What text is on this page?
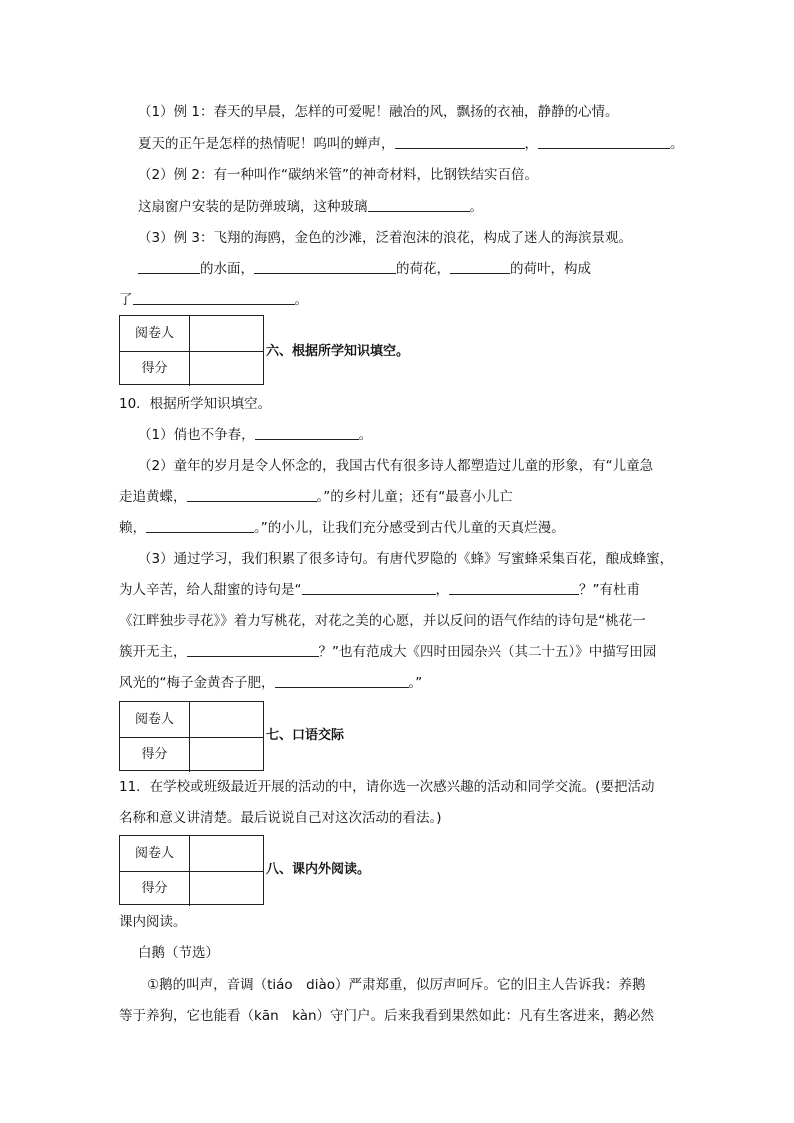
（1）例 1：春天的早晨，怎样的可爱呢！融冶的风，飘扬的衣袖，静静的心情。
夏天的正午是怎样的热情呢！呜叫的蝉声，	，	。
（2）例 2：有一种叫作“碳纳米管”的神奇材料，比钢铁结实百倍。
这扇窗户安装的是防弹玻璃，这种玻璃	。
（3）例 3：飞翔的海鸥，金色的沙滩，泛着泡沫的浪花，构成了迷人的海滨景观。
的水面，	的荷花，	的荷叶，构成
了	。
阅卷人
得分
六、根据所学知识填空。
10．根据所学知识填空。
（1）俏也不争春，	。
（2）童年的岁月是令人怀念的，我国古代有很多诗人都塑造过儿童的形象，有“儿童急
走追黄蝶，	。”的乡村儿童；还有“最喜小儿亡
赖，	。”的小儿，让我们充分感受到古代儿童的天真烂漫。
（3）通过学习，我们积累了很多诗句。有唐代罗隐的《蜂》写蜜蜂采集百花，酿成蜂蜜，
为人辛苦，给人甜蜜的诗句是“	，	？”有杜甫
《江畔独步寻花》》着力写桃花，对花之美的心愿，并以反问的语气作结的诗句是“桃花一
簇开无主，	？”也有范成大《四时田园杂兴（其二十五）》中描写田园
风光的“梅子金黄杏子肥，	。”
阅卷人
得分
七、口语交际
11．在学校或班级最近开展的活动的中，请你选一次感兴趣的活动和同学交流。(要把活动
名称和意义讲清楚。最后说说自己对这次活动的看法。)
阅卷人
得分
八、课内外阅读。
课内阅读。
白鹅（节选）
①鹅的叫声，音调（tiáo　diào）严肃郑重，似厉声呵斥。它的旧主人告诉我：养鹅
等于养狗，它也能看（kān　kàn）守门户。后来我看到果然如此：凡有生客进来，鹅必然
